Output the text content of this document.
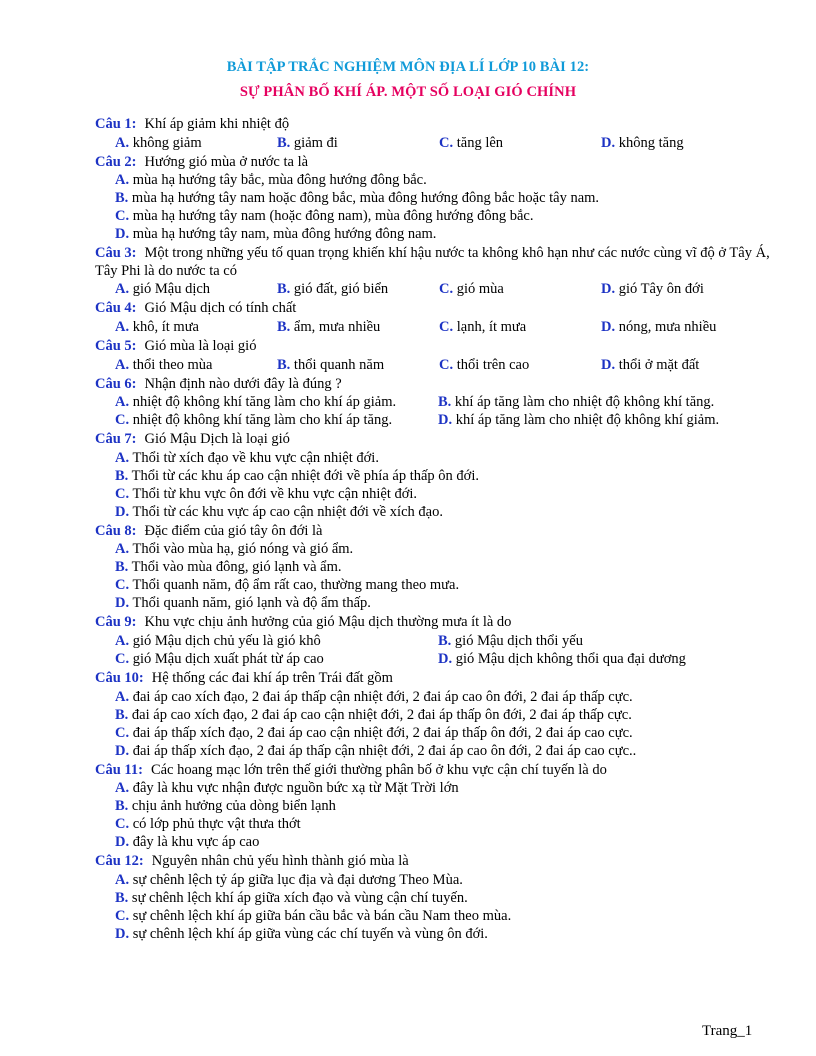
BÀI TẬP TRẮC NGHIỆM MÔN ĐỊA LÍ LỚP 10 BÀI 12:
SỰ PHÂN BỐ KHÍ ÁP. MỘT SỐ LOẠI GIÓ CHÍNH
Câu 1: Khí áp giảm khi nhiệt độ
A. không giảm	B. giảm đi	C. tăng lên	D. không tăng
Câu 2: Hướng gió mùa ở nước ta là
A. mùa hạ hướng tây bắc, mùa đông hướng đông bắc.
B. mùa hạ hướng tây nam hoặc đông bắc, mùa đông hướng đông bắc hoặc tây nam.
C. mùa hạ hướng tây nam (hoặc đông nam), mùa đông hướng đông bắc.
D. mùa hạ hướng tây nam, mùa đông hướng đông nam.
Câu 3: Một trong những yếu tố quan trọng khiến khí hậu nước ta không khô hạn như các nước cùng vĩ độ ở Tây Á, Tây Phi là do nước ta có
A. gió Mậu dịch	B. gió đất, gió biển	C. gió mùa	D. gió Tây ôn đới
Câu 4: Gió Mậu dịch có tính chất
A. khô, ít mưa	B. ẩm, mưa nhiều	C. lạnh, ít mưa	D. nóng, mưa nhiều
Câu 5: Gió mùa là loại gió
A. thổi theo mùa	B. thổi quanh năm	C. thổi trên cao	D. thổi ở mặt đất
Câu 6: Nhận định nào dưới đây là đúng ?
A. nhiệt độ không khí tăng làm cho khí áp giảm.	B. khí áp tăng làm cho nhiệt độ không khí tăng.
C. nhiệt độ không khí tăng làm cho khí áp tăng.	D. khí áp tăng làm cho nhiệt độ không khí giảm.
Câu 7: Gió Mậu Dịch là loại gió
A. Thổi từ xích đạo về khu vực cận nhiệt đới.
B. Thổi từ các khu áp cao cận nhiệt đới về phía áp thấp ôn đới.
C. Thổi từ khu vực ôn đới về khu vực cận nhiệt đới.
D. Thổi từ các khu vực áp cao cận nhiệt đới về xích đạo.
Câu 8: Đặc điểm của gió tây ôn đới là
A. Thổi vào mùa hạ, gió nóng và gió ẩm.
B. Thổi vào mùa đông, gió lạnh và ẩm.
C. Thổi quanh năm, độ ẩm rất cao, thường mang theo mưa.
D. Thổi quanh năm, gió lạnh và độ ẩm thấp.
Câu 9: Khu vực chịu ảnh hưởng của gió Mậu dịch thường mưa ít là do
A. gió Mậu dịch chủ yếu là gió khô	B. gió Mậu dịch thổi yếu
C. gió Mậu dịch xuất phát từ áp cao	D. gió Mậu dịch không thổi qua đại dương
Câu 10: Hệ thống các đai khí áp trên Trái đất gồm
A. đai áp cao xích đạo, 2 đai áp thấp cận nhiệt đới, 2 đai áp cao ôn đới, 2 đai áp thấp cực.
B. đai áp cao xích đạo, 2 đai áp cao cận nhiệt đới, 2 đai áp thấp ôn đới, 2 đai áp thấp cực.
C. đai áp thấp xích đạo, 2 đai áp cao cận nhiệt đới, 2 đai áp thấp ôn đới, 2 đai áp cao cực.
D. đai áp thấp xích đạo, 2 đai áp thấp cận nhiệt đới, 2 đai áp cao ôn đới, 2 đai áp cao cực..
Câu 11: Các hoang mạc lớn trên thế giới thường phân bố ở khu vực cận chí tuyến là do
A. đây là khu vực nhận được nguồn bức xạ từ Mặt Trời lớn
B. chịu ảnh hưởng của dòng biển lạnh
C. có lớp phủ thực vật thưa thớt
D. đây là khu vực áp cao
Câu 12: Nguyên nhân chủ yếu hình thành gió mùa là
A. sự chênh lệch tỷ áp giữa lục địa và đại dương Theo Mùa.
B. sự chênh lệch khí áp giữa xích đạo và vùng cận chí tuyến.
C. sự chênh lệch khí áp giữa bán cầu bắc và bán cầu Nam theo mùa.
D. sự chênh lệch khí áp giữa vùng các chí tuyến và vùng ôn đới.
Trang_1
